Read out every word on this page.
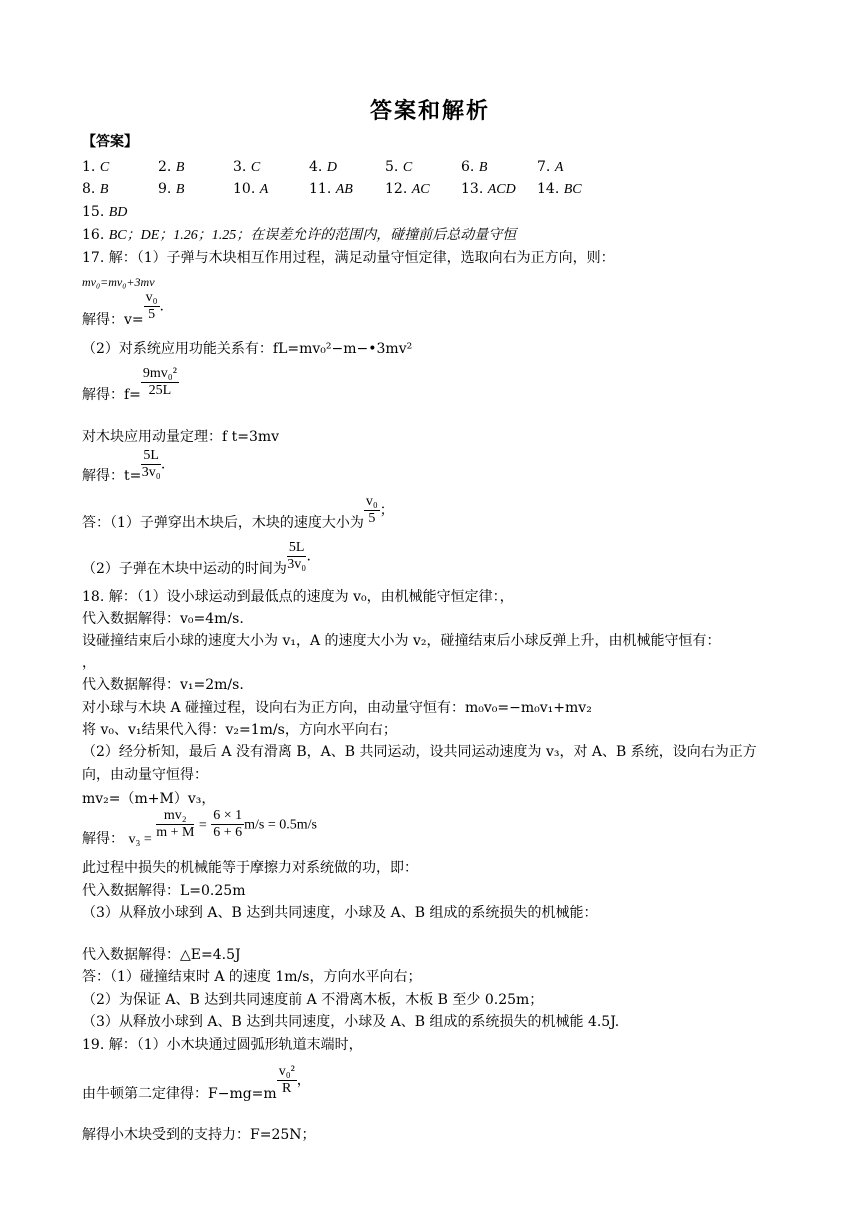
答案和解析
【答案】
1. C	2. B	3. C	4. D	5. C	6. B	7. A
8. B	9. B	10. A	11. AB 12. AC 13. ACD 14. BC
15. BD
16. BC；DE；1.26；1.25；在误差允许的范围内，碰撞前后总动量守恒
17. 解：（1）子弹与木块相互作用过程，满足动量守恒定律，选取向右为正方向，则：
mv₀=mv₀+3mv
解得：$v= \frac{\text{v₀}}{5}$ .
（2）对系统应用功能关系有：fL=mv₀²−m−•3mv²
解得：$f= \frac{\text{9mv₀²}}{25L}$
对木块应用动量定理：f t=3mv
解得：$t= \frac{5L}{\text{3v₀}}$ .
答：（1）子弹穿出木块后，木块的速度大小为 $\frac{\text{v₀}}{5}$ ；
（2）子弹在木块中运动的时间为 $\frac{5L}{\text{3v₀}}$ .
18. 解：（1）设小球运动到最低点的速度为 v₀，由机械能守恒定律：，
代入数据解得：v₀=4m/s.
设碰撞结束后小球的速度大小为 v₁，A 的速度大小为 v₂，碰撞结束后小球反弹上升，由机械能守恒有：
，
代入数据解得：v₁=2m/s.
对小球与木块 A 碰撞过程，设向右为正方向，由动量守恒有：m₀v₀=−m₀v₁+mv₂
将 v₀、v₁结果代入得：v₂=1m/s，方向水平向右；
（2）经分析知，最后 A 没有滑离 B，A、B 共同运动，设共同运动速度为 v₃，对 A、B 系统，设向右为正方
向，由动量守恒得：
mv₂=（m+M）v₃，
解得： $v_3 = \frac{\text{mv₂}}{m + M} = \frac{6 \times 1}{6 + 6} m/s = 0.5m/s$
此过程中损失的机械能等于摩擦力对系统做的功，即：
代入数据解得：L=0.25m
（3）从释放小球到 A、B 达到共同速度，小球及 A、B 组成的系统损失的机械能：
代入数据解得：△E=4.5J
答：（1）碰撞结束时 A 的速度 1m/s，方向水平向右；
（2）为保证 A、B 达到共同速度前 A 不滑离木板，木板 B 至少 0.25m；
（3）从释放小球到 A、B 达到共同速度，小球及 A、B 组成的系统损失的机械能 4.5J.
19. 解：（1）小木块通过圆弧形轨道末端时，
由牛顿第二定律得：$F-mg=m \frac{\text{v₀²}}{R}$ ，
解得小木块受到的支持力：F=25N；
